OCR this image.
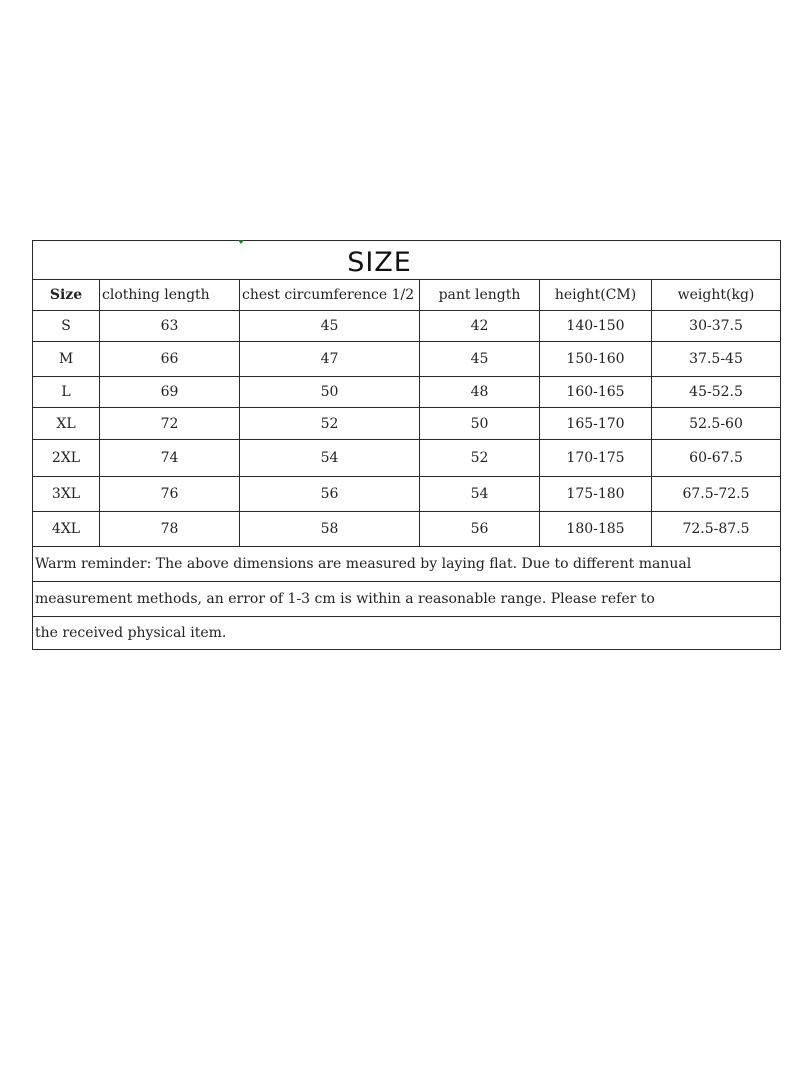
SIZE					
Size	clothing length	chest circumference 1/2	pant length	height(CM)	weight(kg)
S	63	45	42	140-150	30-37.5
M	66	47	45	150-160	37.5-45
L	69	50	48	160-165	45-52.5
XL	72	52	50	165-170	52.5-60
2XL	74	54	52	170-175	60-67.5
3XL	76	56	54	175-180	67.5-72.5
4XL	78	58	56	180-185	72.5-87.5
Warm reminder: The above dimensions are measured by laying flat. Due to different manual					
measurement methods, an error of 1-3 cm is within a reasonable range. Please refer to					
the received physical item.					
